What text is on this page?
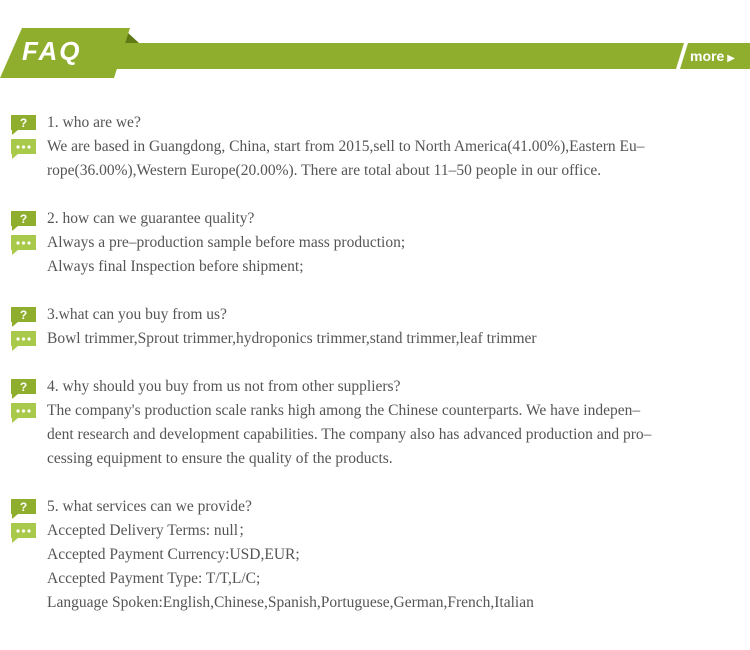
FAQ	more ▶
? 1. who are we?
We are based in Guangdong, China, start from 2015,sell to North America(41.00%),Eastern Eu–
rope(36.00%),Western Europe(20.00%). There are total about 11–50 people in our office.
? 2. how can we guarantee quality?
Always a pre–production sample before mass production;
Always final Inspection before shipment;
? 3.what can you buy from us?
Bowl trimmer,Sprout trimmer,hydroponics trimmer,stand trimmer,leaf trimmer
? 4. why should you buy from us not from other suppliers?
The company's production scale ranks high among the Chinese counterparts. We have indepen–
dent research and development capabilities. The company also has advanced production and pro–
cessing equipment to ensure the quality of the products.
? 5. what services can we provide?
Accepted Delivery Terms: null；
Accepted Payment Currency:USD,EUR;
Accepted Payment Type: T/T,L/C;
Language Spoken:English,Chinese,Spanish,Portuguese,German,French,Italian
